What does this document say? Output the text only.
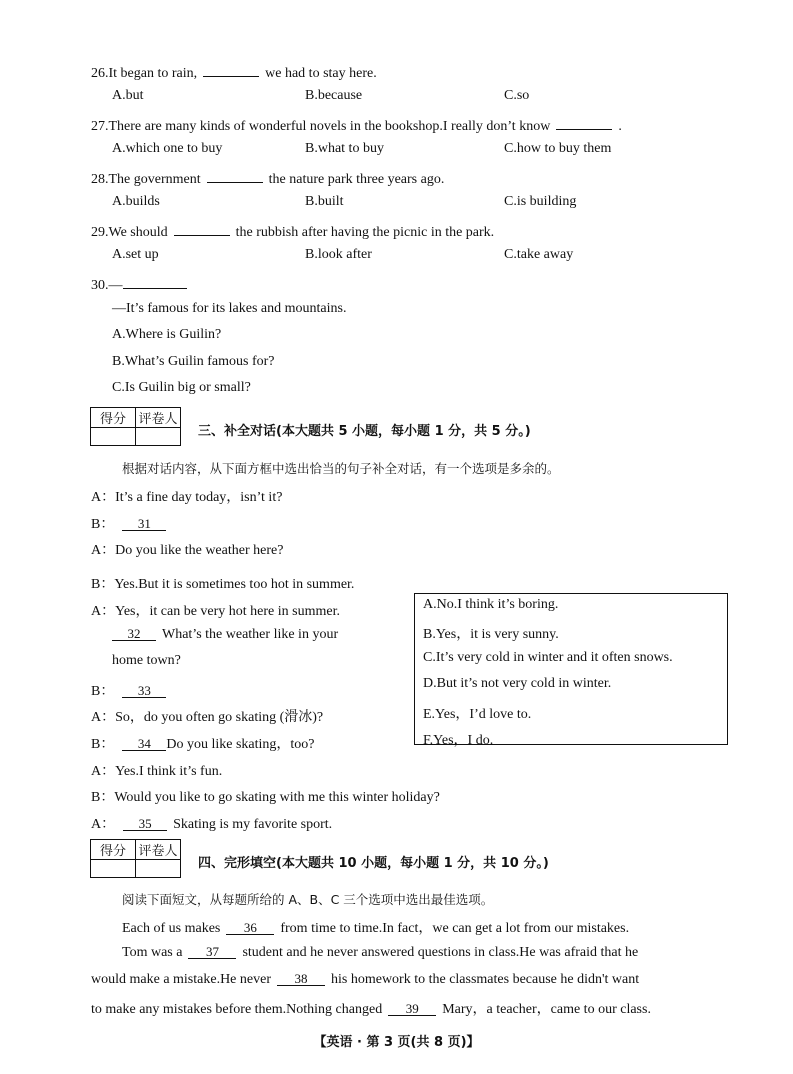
26.It began to rain,	we had to stay here.
A.but	B.because	C.so
27.There are many kinds of wonderful novels in the bookshop.I really don’t know	.
A.which one to buy	B.what to buy	C.how to buy them
28.The government	the nature park three years ago.
A.builds	B.built	C.is building
29.We should	the rubbish after having the picnic in the park.
A.set up	B.look after	C.take away
30.—
—It’s famous for its lakes and mountains.
A.Where is Guilin?
B.What’s Guilin famous for?
C.Is Guilin big or small?
得分	评卷人

三、补全对话(本大题共 5 小题，每小题 1 分，共 5 分。)
根据对话内容，从下面方框中选出恰当的句子补全对话，有一个选项是多余的。
A：It’s a fine day today，isn’t it?
B： 31
A：Do you like the weather here?
B：Yes.But it is sometimes too hot in summer.
A：Yes，it can be very hot here in summer.
32 What’s the weather like in your
home town?
B： 33
A：So，do you often go skating (滑冰)?
B： 34 Do you like skating，too?
A：Yes.I think it’s fun.
B：Would you like to go skating with me this winter holiday?
A： 35 Skating is my favorite sport.
A.No.I think it’s boring.
B.Yes，it is very sunny.
C.It’s very cold in winter and it often snows.
D.But it’s not very cold in winter.
E.Yes，I’d love to.
F.Yes，I do.
得分	评卷人

四、完形填空(本大题共 10 小题，每小题 1 分，共 10 分。)
阅读下面短文，从每题所给的 A、B、C 三个选项中选出最佳选项。
Each of us makes 36 from time to time.In fact，we can get a lot from our mistakes.
Tom was a 37 student and he never answered questions in class.He was afraid that he
would make a mistake.He never 38 his homework to the classmates because he didn't want
to make any mistakes before them.Nothing changed 39 Mary，a teacher，came to our class.
【英语 · 第 3 页(共 8 页)】
